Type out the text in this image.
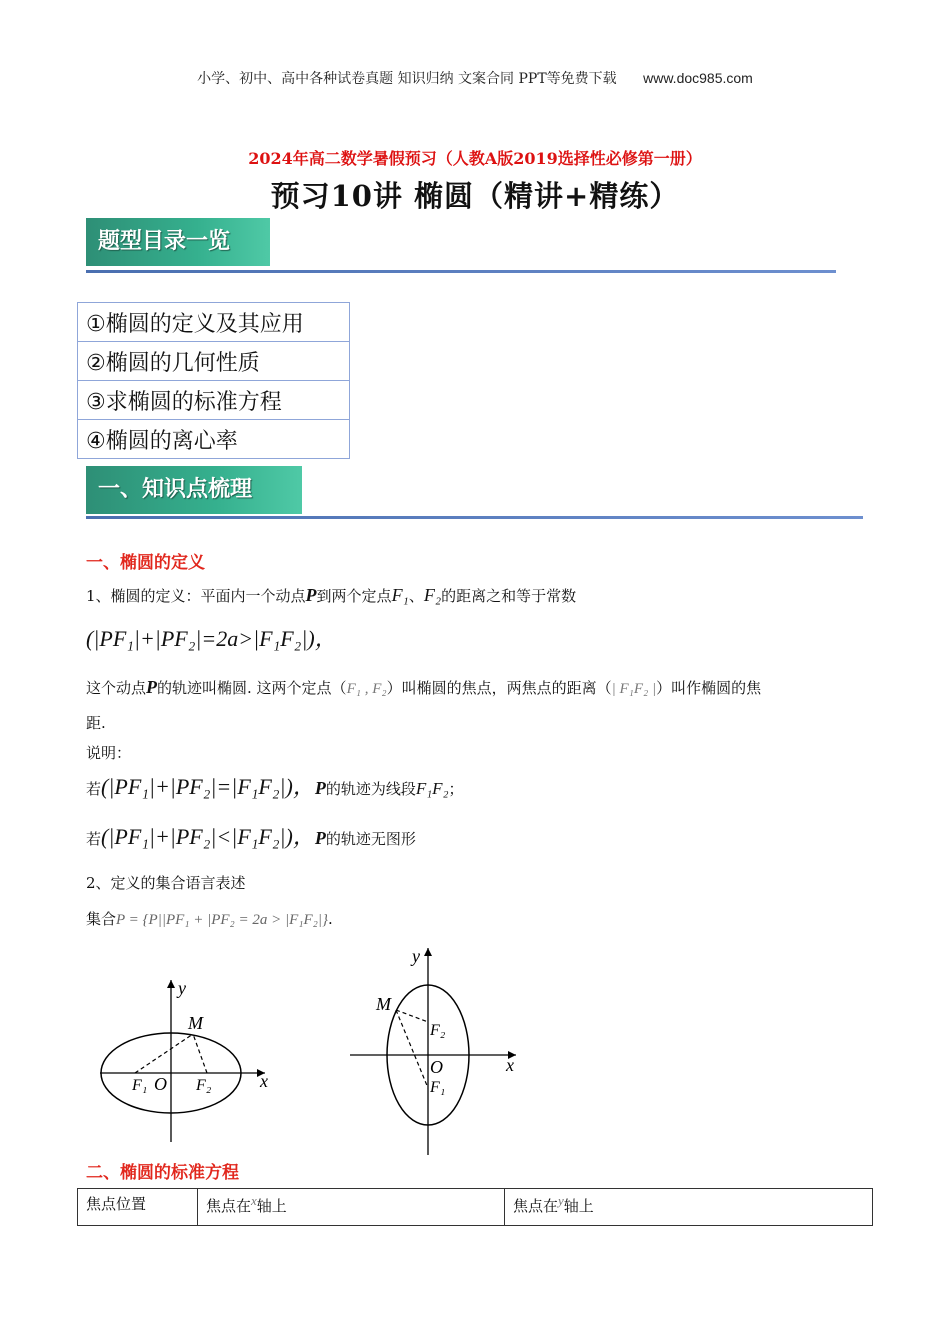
小学、初中、高中各种试卷真题 知识归纳 文案合同 PPT等免费下载 www.doc985.com
2024年高二数学暑假预习（人教A版2019选择性必修第一册）
预习10讲 椭圆（精讲+精练）
题型目录一览
①椭圆的定义及其应用
②椭圆的几何性质
③求椭圆的标准方程
④椭圆的离心率
一、知识点梳理
一、椭圆的定义
1、椭圆的定义：平面内一个动点P到两个定点F₁、F₂的距离之和等于常数
(|PF₁|+|PF₂|=2a>|F₁F₂|)，
这个动点P的轨迹叫椭圆. 这两个定点（F₁ , F₂）叫椭圆的焦点，两焦点的距离（| F₁F₂ |）叫作椭圆的焦
距.
说明：
若(|PF₁|+|PF₂|=|F₁F₂|)，P的轨迹为线段F₁F₂；
若(|PF₁|+|PF₂|<|F₁F₂|)，P的轨迹无图形
2、定义的集合语言表述
集合P = {P||PF₁ + |PF₂ = 2a > |F₁F₂|}.
y
x
M
O
F₁	F₂
y
x
M
O
F₂
F₁
二、椭圆的标准方程
焦点位置	焦点在x轴上	焦点在y轴上
